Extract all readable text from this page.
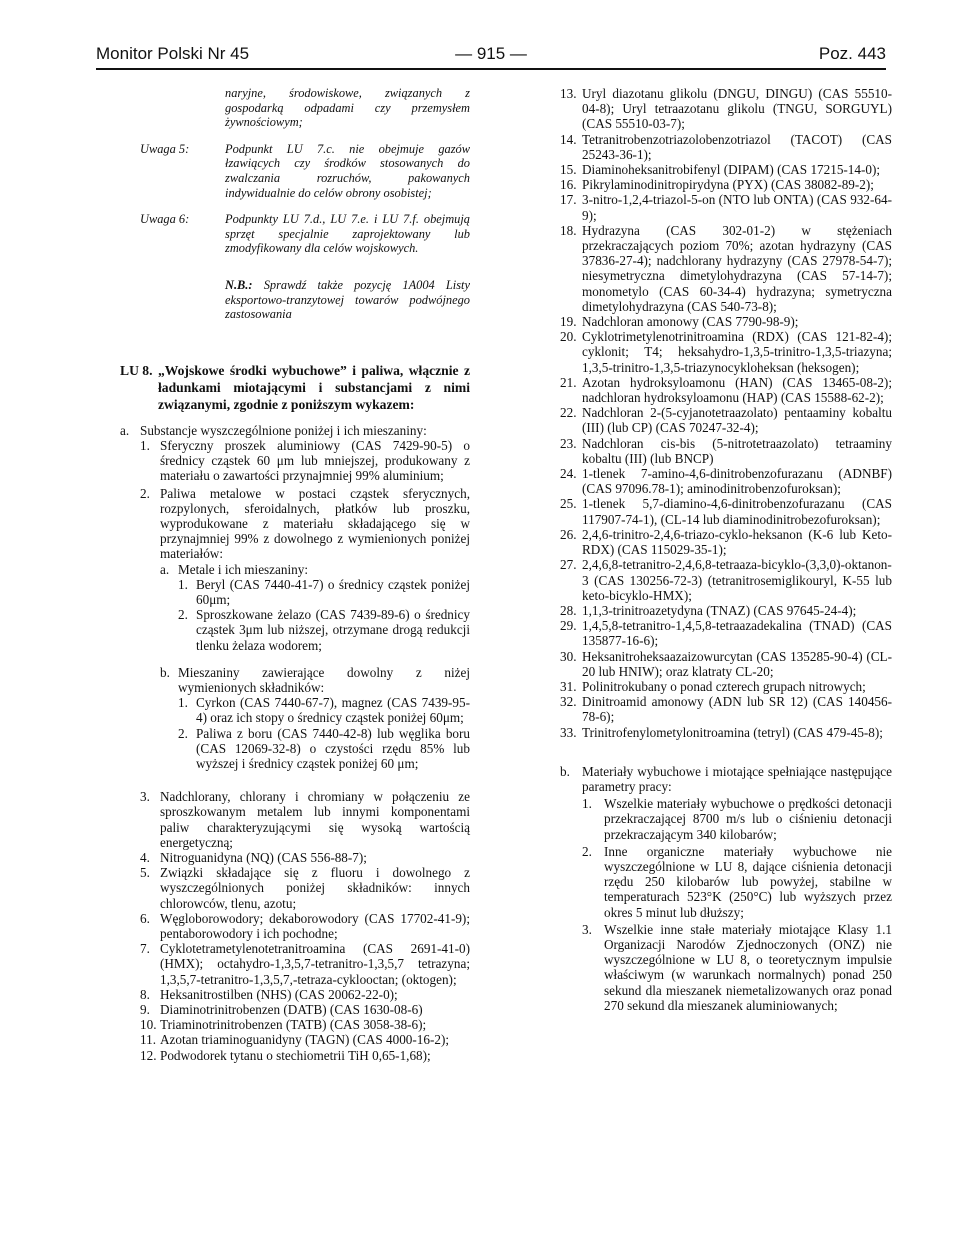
Monitor Polski Nr 45	— 915 —	Poz. 443

naryjne, środowiskowe, związanych z gospodarką odpadami czy przemysłem żywnościowym;

Uwaga 5:	Podpunkt LU 7.c. nie obejmuje gazów łzawiących czy środków stosowanych do zwalczania rozruchów, pakowanych indywidualnie do celów obrony osobistej;
Uwaga 6:	Podpunkty LU 7.d., LU 7.e. i LU 7.f. obejmują sprzęt specjalnie zaprojektowany lub zmodyfikowany dla celów wojskowych.
N.B.: Sprawdź także pozycję 1A004 Listy eksportowo-tranzytowej towarów podwójnego zastosowania
LU 8. „Wojskowe środki wybuchowe” i paliwa, włącznie z ładunkami miotającymi i substancjami z nimi związanymi, zgodnie z poniższym wykazem:
a. Substancje wyszczególnione poniżej i ich mieszaniny:
1. Sferyczny proszek aluminiowy (CAS 7429-90-5) o średnicy cząstek 60 μm lub mniejszej, produkowany z materiału o zawartości przynajmniej 99% aluminium;
2. Paliwa metalowe w postaci cząstek sferycznych, rozpylonych, sferoidalnych, płatków lub proszku, wyprodukowane z materiału składającego się w przynajmniej 99% z dowolnego z wymienionych poniżej materiałów:
a. Metale i ich mieszaniny:
1. Beryl (CAS 7440-41-7) o średnicy cząstek poniżej 60μm;
2. Sproszkowane żelazo (CAS 7439-89-6) o średnicy cząstek 3μm lub niższej, otrzymane drogą redukcji tlenku żelaza wodorem;
b. Mieszaniny zawierające dowolny z niżej wymienionych składników:
1. Cyrkon (CAS 7440-67-7), magnez (CAS 7439-95-4) oraz ich stopy o średnicy cząstek poniżej 60μm;
2. Paliwa z boru (CAS 7440-42-8) lub węglika boru (CAS 12069-32-8) o czystości rzędu 85% lub wyższej i średnicy cząstek poniżej 60 μm;
3. Nadchlorany, chlorany i chromiany w połączeniu ze sproszkowanym metalem lub innymi komponentami paliw charakteryzującymi się wysoką wartością energetyczną;
4. Nitroguanidyna (NQ) (CAS 556-88-7);
5. Związki składające się z fluoru i dowolnego z wyszczególnionych poniżej składników: innych chlorowców, tlenu, azotu;
6. Węgloborowodory; dekaborowodory (CAS 17702-41-9); pentaborowodory i ich pochodne;
7. Cyklotetrametylenotetranitroamina (CAS 2691-41-0) (HMX); octahydro-1,3,5,7-tetranitro-1,3,5,7 tetrazyna; 1,3,5,7-tetranitro-1,3,5,7,-tetraza-cyklooctan; (oktogen);
8. Heksanitrostilben (NHS) (CAS 20062-22-0);
9. Diaminotrinitrobenzen (DATB) (CAS 1630-08-6)
10. Triaminotrinitrobenzen (TATB) (CAS 3058-38-6);
11. Azotan triaminoguanidyny (TAGN) (CAS 4000-16-2);
12. Podwodorek tytanu o stechiometrii TiH 0,65-1,68);
13. Uryl diazotanu glikolu (DNGU, DINGU) (CAS 55510-04-8); Uryl tetraazotanu glikolu (TNGU, SORGUYL) (CAS 55510-03-7);
14. Tetranitrobenzotriazolobenzotriazol (TACOT) (CAS 25243-36-1);
15. Diaminoheksanitrobifenyl (DIPAM) (CAS 17215-14-0);
16. Pikrylaminodinitropirydyna (PYX) (CAS 38082-89-2);
17. 3-nitro-1,2,4-triazol-5-on (NTO lub ONTA) (CAS 932-64-9);
18. Hydrazyna (CAS 302-01-2) w stężeniach przekraczających poziom 70%; azotan hydrazyny (CAS 37836-27-4); nadchlorany hydrazyny (CAS 27978-54-7); niesymetryczna dimetylohydrazyna (CAS 57-14-7); monometylo (CAS 60-34-4) hydrazyna; symetryczna dimetylohydrazyna (CAS 540-73-8);
19. Nadchloran amonowy (CAS 7790-98-9);
20. Cyklotrimetylenotrinitroamina (RDX) (CAS 121-82-4); cyklonit; T4; heksahydro-1,3,5-trinitro-1,3,5-triazyna; 1,3,5-trinitro-1,3,5-triazynocykloheksan (heksogen);
21. Azotan hydroksyloamonu (HAN) (CAS 13465-08-2); nadchloran hydroksyloamonu (HAP) (CAS 15588-62-2);
22. Nadchloran 2-(5-cyjanotetraazolato) pentaaminy kobaltu (III) (lub CP) (CAS 70247-32-4);
23. Nadchloran cis-bis (5-nitrotetraazolato) tetraaminy kobaltu (III) (lub BNCP)
24. 1-tlenek 7-amino-4,6-dinitrobenzofurazanu (ADNBF) (CAS 97096.78-1); aminodinitrobenzofuroksan);
25. 1-tlenek 5,7-diamino-4,6-dinitrobenzofurazanu (CAS 117907-74-1), (CL-14 lub diaminodinitrobezofuroksan);
26. 2,4,6-trinitro-2,4,6-triazo-cyklo-heksanon (K-6 lub Keto-RDX) (CAS 115029-35-1);
27. 2,4,6,8-tetranitro-2,4,6,8-tetraaza-bicyklo-(3,3,0)-oktanon-3 (CAS 130256-72-3) (tetranitrosemiglikouryl, K-55 lub keto-bicyklo-HMX);
28. 1,1,3-trinitroazetydyna (TNAZ) (CAS 97645-24-4);
29. 1,4,5,8-tetranitro-1,4,5,8-tetraazadekalina (TNAD) (CAS 135877-16-6);
30. Heksanitroheksaazaizowurcytan (CAS 135285-90-4) (CL-20 lub HNIW); oraz klatraty CL-20;
31. Polinitrokubany o ponad czterech grupach nitrowych;
32. Dinitroamid amonowy (ADN lub SR 12) (CAS 140456-78-6);
33. Trinitrofenylometylonitroamina (tetryl) (CAS 479-45-8);
b. Materiały wybuchowe i miotające spełniające następujące parametry pracy:
1. Wszelkie materiały wybuchowe o prędkości detonacji przekraczającej 8700 m/s lub o ciśnieniu detonacji przekraczającym 340 kilobarów;
2. Inne organiczne materiały wybuchowe nie wyszczególnione w LU 8, dające ciśnienia detonacji rzędu 250 kilobarów lub powyżej, stabilne w temperaturach 523°K (250°C) lub wyższych przez okres 5 minut lub dłuższy;
3. Wszelkie inne stałe materiały miotające Klasy 1.1 Organizacji Narodów Zjednoczonych (ONZ) nie wyszczególnione w LU 8, o teoretycznym impulsie właściwym (w warunkach normalnych) ponad 250 sekund dla mieszanek niemetalizowanych oraz ponad 270 sekund dla mieszanek aluminiowanych;
